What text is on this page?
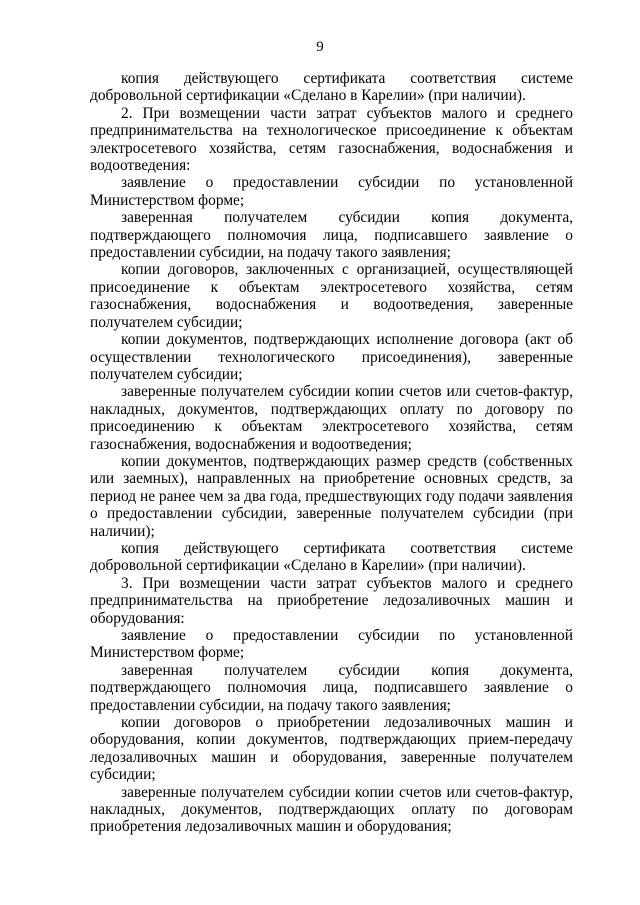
9

копия действующего сертификата соответствия системе добровольной сертификации «Сделано в Карелии» (при наличии).

2. При возмещении части затрат субъектов малого и среднего предпринимательства на технологическое присоединение к объектам электросетевого хозяйства, сетям газоснабжения, водоснабжения и водоотведения:

заявление о предоставлении субсидии по установленной Министерством форме;

заверенная получателем субсидии копия документа, подтверждающего полномочия лица, подписавшего заявление о предоставлении субсидии, на подачу такого заявления;

копии договоров, заключенных с организацией, осуществляющей присоединение к объектам электросетевого хозяйства, сетям газоснабжения, водоснабжения и водоотведения, заверенные получателем субсидии;

копии документов, подтверждающих исполнение договора (акт об осуществлении технологического присоединения), заверенные получателем субсидии;

заверенные получателем субсидии копии счетов или счетов-фактур, накладных, документов, подтверждающих оплату по договору по присоединению к объектам электросетевого хозяйства, сетям газоснабжения, водоснабжения и водоотведения;

копии документов, подтверждающих размер средств (собственных или заемных), направленных на приобретение основных средств, за период не ранее чем за два года, предшествующих году подачи заявления о предоставлении субсидии, заверенные получателем субсидии (при наличии);

копия действующего сертификата соответствия системе добровольной сертификации «Сделано в Карелии» (при наличии).

3. При возмещении части затрат субъектов малого и среднего предпринимательства на приобретение ледозаливочных машин и оборудования:

заявление о предоставлении субсидии по установленной Министерством форме;

заверенная получателем субсидии копия документа, подтверждающего полномочия лица, подписавшего заявление о предоставлении субсидии, на подачу такого заявления;

копии договоров о приобретении ледозаливочных машин и оборудования, копии документов, подтверждающих прием-передачу ледозаливочных машин и оборудования, заверенные получателем субсидии;

заверенные получателем субсидии копии счетов или счетов-фактур, накладных, документов, подтверждающих оплату по договорам приобретения ледозаливочных машин и оборудования;
